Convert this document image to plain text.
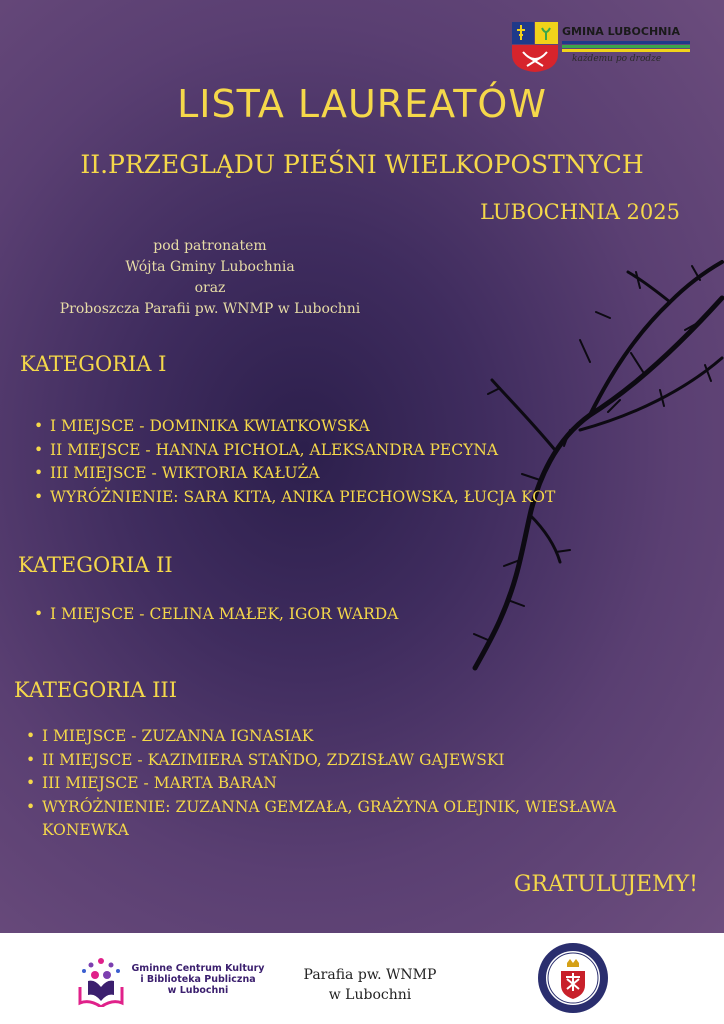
GMINA LUBOCHNIA
każdemu po drodze
LISTA LAUREATÓW
II.PRZEGLĄDU PIEŚNI WIELKOPOSTNYCH
LUBOCHNIA 2025
pod patronatem
Wójta Gminy Lubochnia
oraz
Proboszcza Parafii pw. WNMP w Lubochni
KATEGORIA I
• I MIEJSCE - DOMINIKA KWIATKOWSKA
• II MIEJSCE - HANNA PICHOLA, ALEKSANDRA PECYNA
• III MIEJSCE - WIKTORIA KAŁUŻA
• WYRÓŻNIENIE: SARA KITA, ANIKA PIECHOWSKA, ŁUCJA KOT
KATEGORIA II
• I MIEJSCE - CELINA MAŁEK, IGOR WARDA
KATEGORIA III
• I MIEJSCE - ZUZANNA IGNASIAK
• II MIEJSCE - KAZIMIERA STAŃDO, ZDZISŁAW GAJEWSKI
• III MIEJSCE - MARTA BARAN
• WYRÓŻNIENIE: ZUZANNA GEMZAŁA, GRAŻYNA OLEJNIK, WIESŁAWA KONEWKA
GRATULUJEMY!
Gminne Centrum Kultury
i Biblioteka Publiczna
w Lubochni
Parafia pw. WNMP
w Lubochni
